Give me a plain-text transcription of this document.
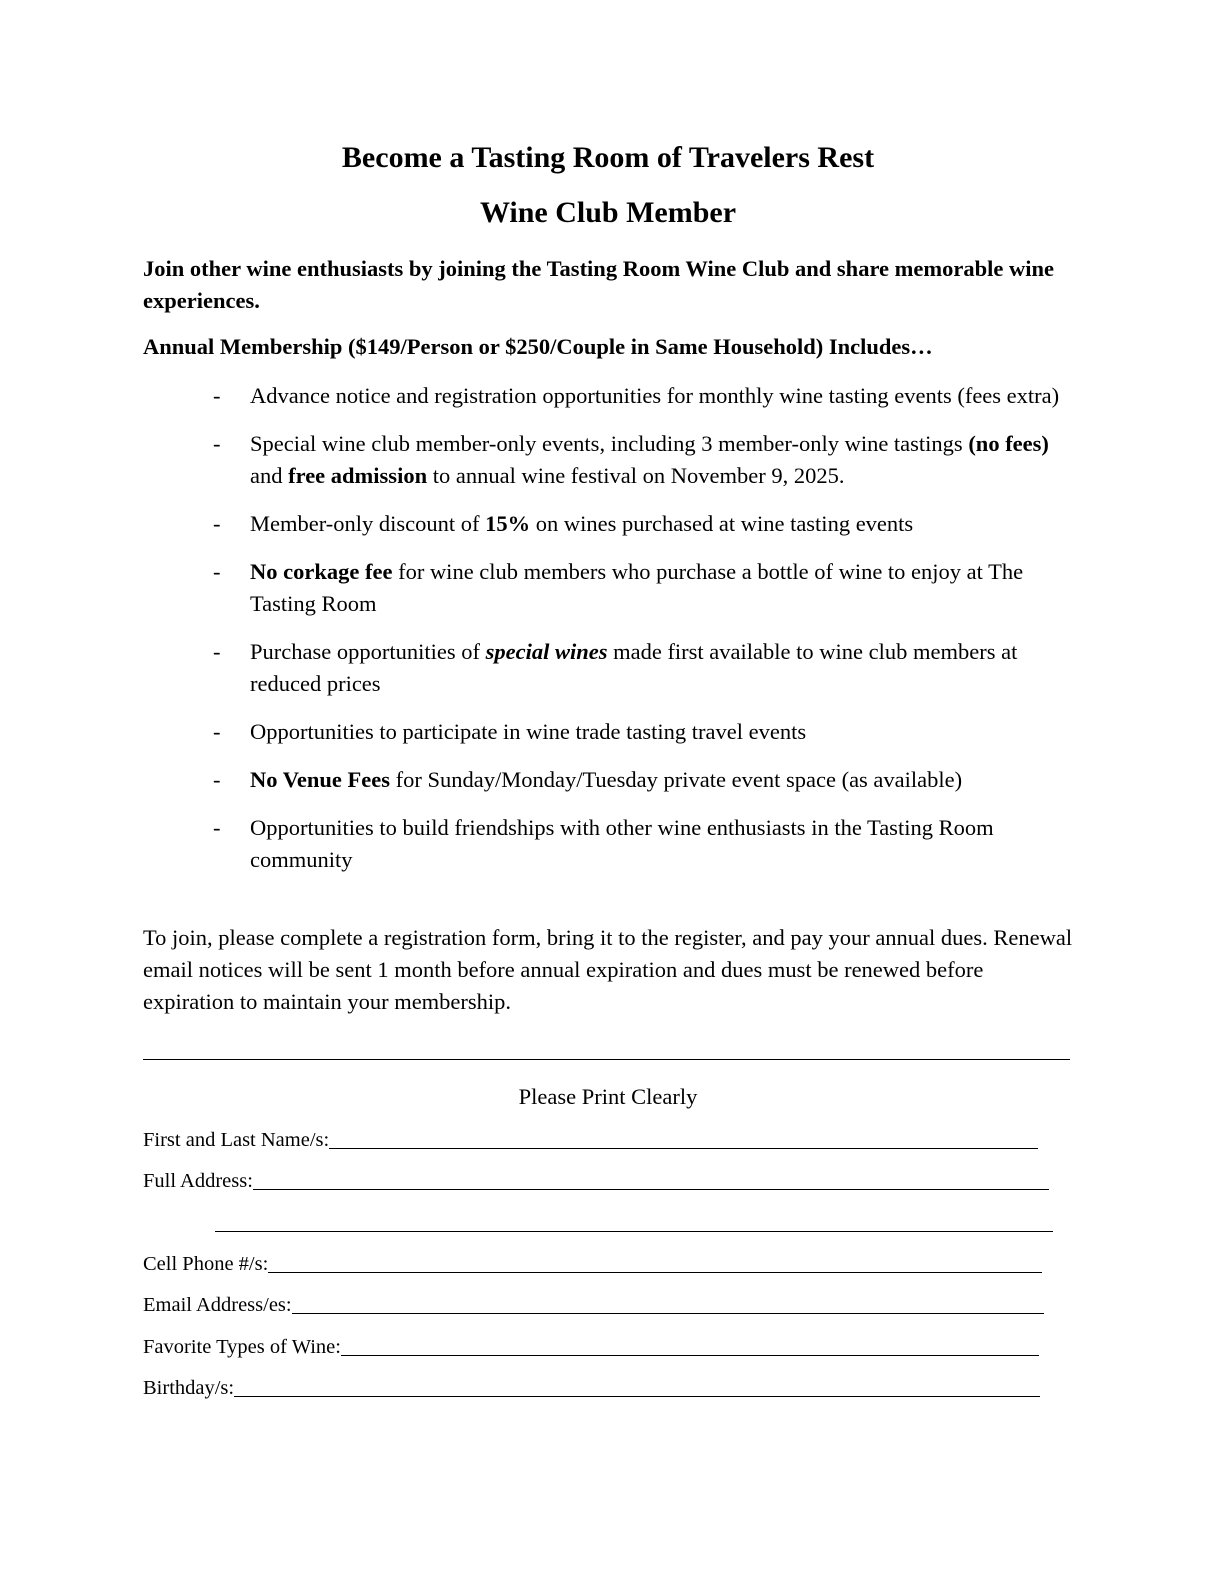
Become a Tasting Room of Travelers Rest
Wine Club Member
Join other wine enthusiasts by joining the Tasting Room Wine Club and share memorable wine experiences.
Annual Membership ($149/Person or $250/Couple in Same Household) Includes…
- Advance notice and registration opportunities for monthly wine tasting events (fees extra)
- Special wine club member-only events, including 3 member-only wine tastings (no fees) and free admission to annual wine festival on November 9, 2025.
- Member-only discount of 15% on wines purchased at wine tasting events
- No corkage fee for wine club members who purchase a bottle of wine to enjoy at The Tasting Room
- Purchase opportunities of special wines made first available to wine club members at reduced prices
- Opportunities to participate in wine trade tasting travel events
- No Venue Fees for Sunday/Monday/Tuesday private event space (as available)
- Opportunities to build friendships with other wine enthusiasts in the Tasting Room community
To join, please complete a registration form, bring it to the register, and pay your annual dues. Renewal email notices will be sent 1 month before annual expiration and dues must be renewed before expiration to maintain your membership.
Please Print Clearly
First and Last Name/s:
Full Address:
Cell Phone #/s:
Email Address/es:
Favorite Types of Wine:
Birthday/s:
